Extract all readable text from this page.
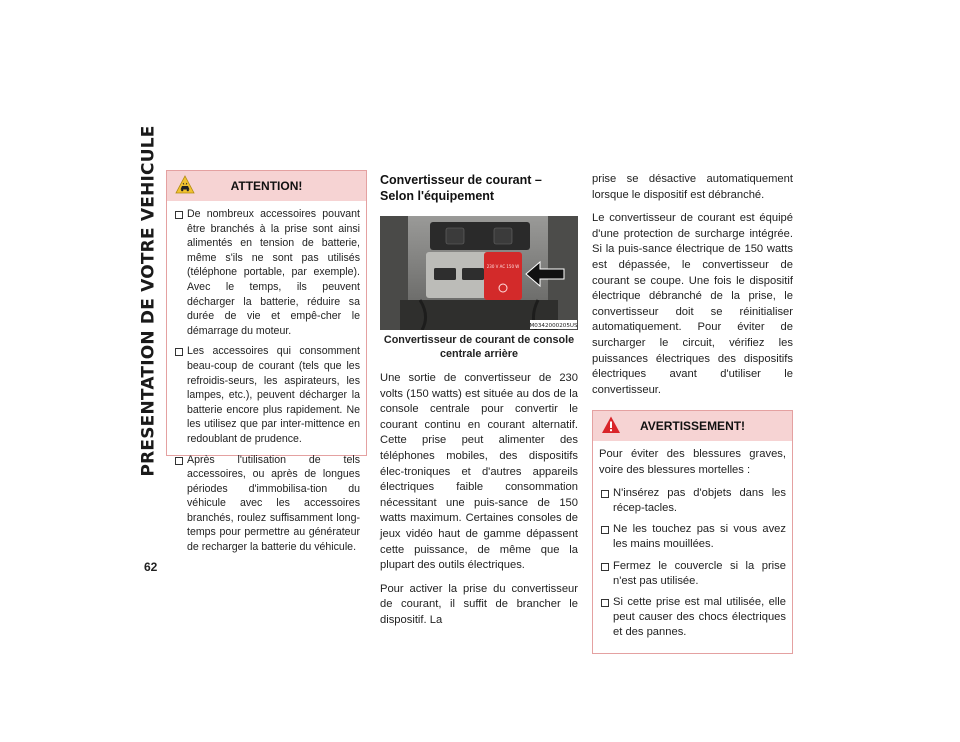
PRESENTATION DE VOTRE VEHICULE
62
ATTENTION!
De nombreux accessoires pouvant être branchés à la prise sont ainsi alimentés en tension de batterie, même s'ils ne sont pas utilisés (téléphone portable, par exemple). Avec le temps, ils peuvent décharger la batterie, réduire sa durée de vie et empê-cher le démarrage du moteur.
Les accessoires qui consomment beau-coup de courant (tels que les refroidis-seurs, les aspirateurs, les lampes, etc.), peuvent décharger la batterie encore plus rapidement. Ne les utilisez que par inter-mittence en redoublant de prudence.
Après l'utilisation de tels accessoires, ou après de longues périodes d'immobilisa-tion du véhicule avec les accessoires branchés, roulez suffisamment long-temps pour permettre au générateur de recharger la batterie du véhicule.
Convertisseur de courant – Selon l'équipement
230 V AC 150 W
M0342000205US
Convertisseur de courant de console centrale arrière

Une sortie de convertisseur de 230 volts (150 watts) est située au dos de la console centrale pour convertir le courant continu en courant alternatif. Cette prise peut alimenter des téléphones mobiles, des dispositifs élec-troniques et d'autres appareils électriques faible consommation nécessitant une puis-sance de 150 watts maximum. Certaines consoles de jeux vidéo haut de gamme dépassent cette puissance, de même que la plupart des outils électriques.

Pour activer la prise du convertisseur de courant, il suffit de brancher le dispositif. La

prise se désactive automatiquement lorsque le dispositif est débranché.

Le convertisseur de courant est équipé d'une protection de surcharge intégrée. Si la puis-sance électrique de 150 watts est dépassée, le convertisseur de courant se coupe. Une fois le dispositif électrique débranché de la prise, le convertisseur doit se réinitialiser automatiquement. Pour éviter de surcharger le circuit, vérifiez les puissances électriques des dispositifs électriques avant d'utiliser le convertisseur.

AVERTISSEMENT!

Pour éviter des blessures graves, voire des blessures mortelles :

N'insérez pas d'objets dans les récep-tacles.
Ne les touchez pas si vous avez les mains mouillées.
Fermez le couvercle si la prise n'est pas utilisée.
Si cette prise est mal utilisée, elle peut causer des chocs électriques et des pannes.
